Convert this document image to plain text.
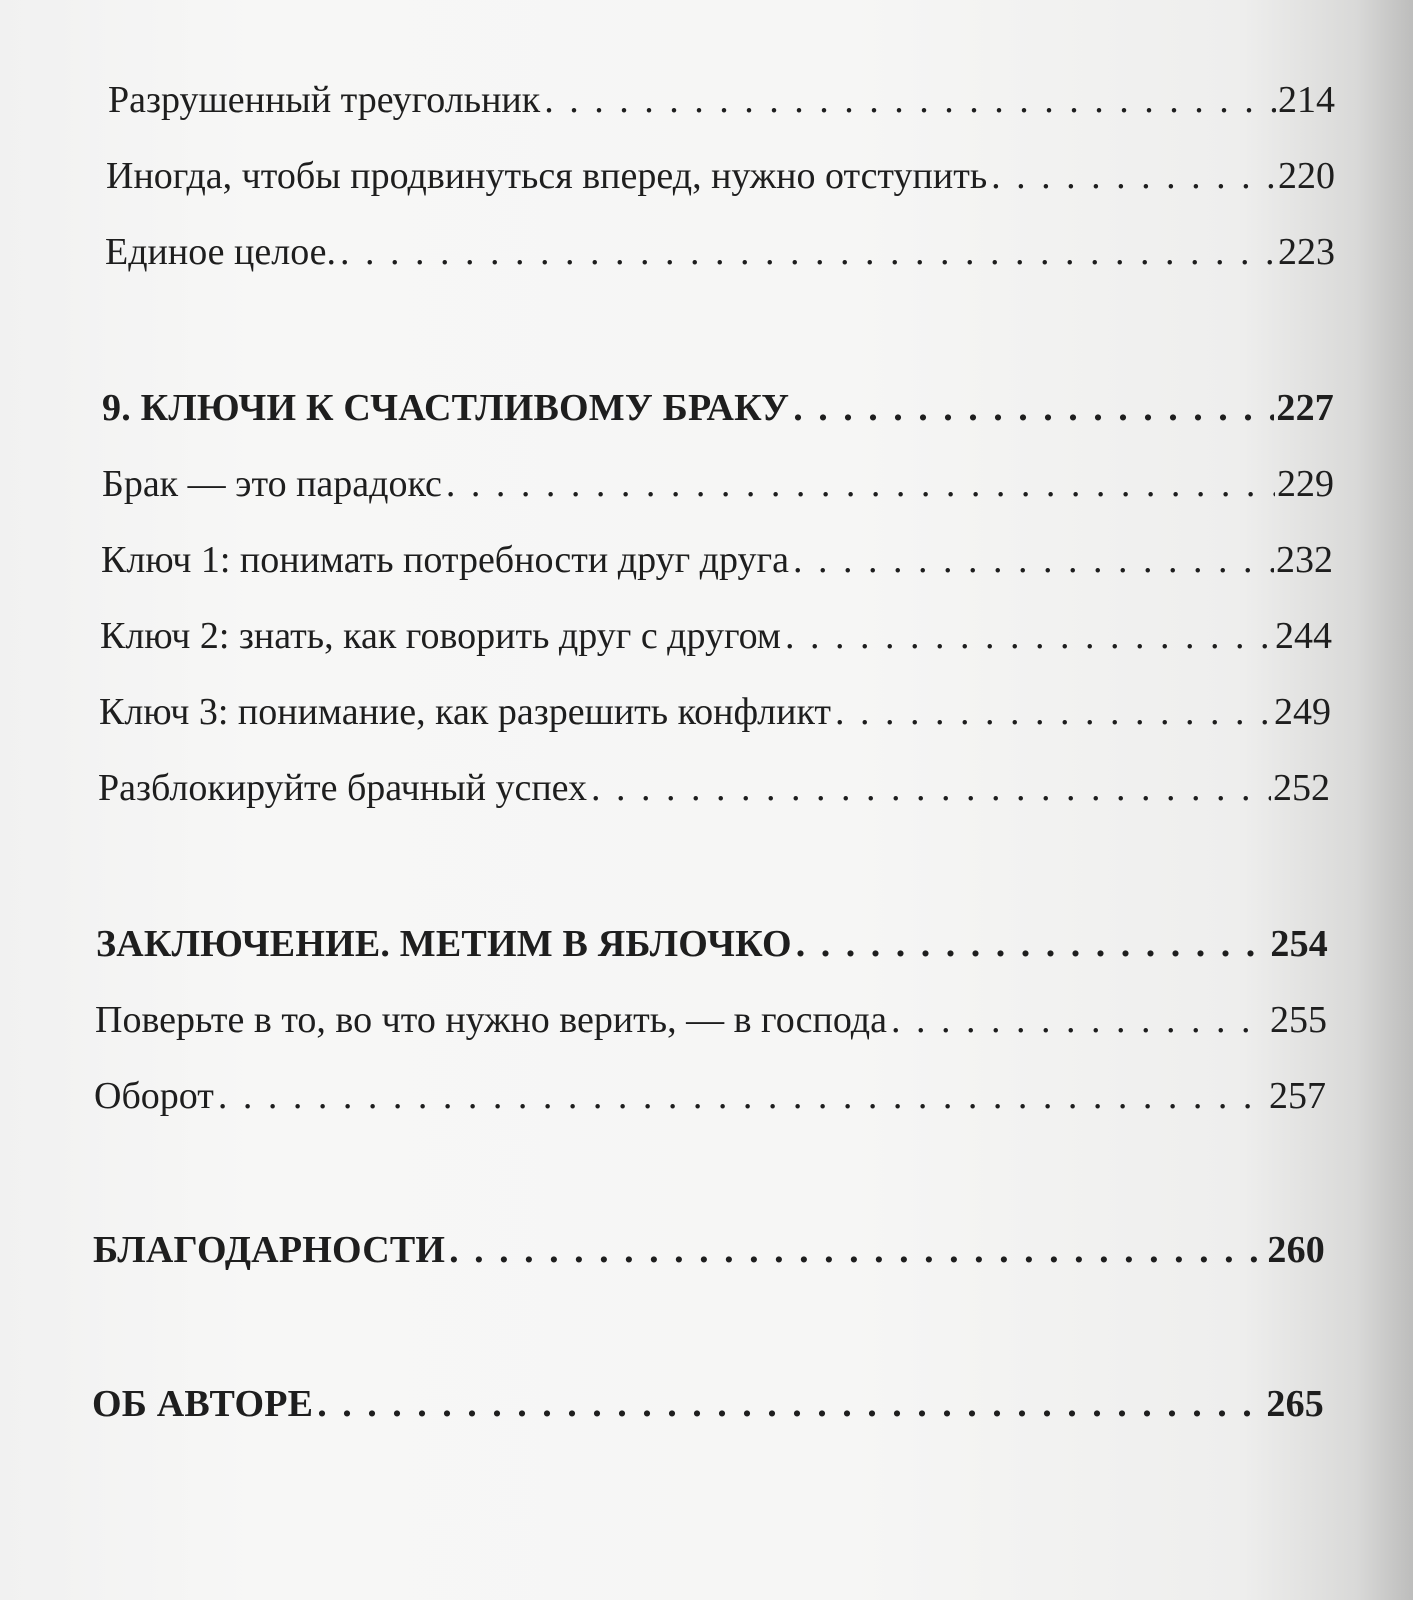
Разрушенный треугольник . . .	214
Иногда, чтобы продвинуться вперед, нужно отступить . . .	220
Единое целое. . . .	223
9. КЛЮЧИ К СЧАСТЛИВОМУ БРАКУ . . .	227
Брак — это парадокс . . .	229
Ключ 1: понимать потребности друг друга . . .	232
Ключ 2: знать, как говорить друг с другом . . .	244
Ключ 3: понимание, как разрешить конфликт . . .	249
Разблокируйте брачный успех . . .	252
ЗАКЛЮЧЕНИЕ. МЕТИМ В ЯБЛОЧКО . . .	254
Поверьте в то, во что нужно верить, — в господа . . .	255
Оборот . . .	257
БЛАГОДАРНОСТИ . . .	260
ОБ АВТОРЕ . . .	265
